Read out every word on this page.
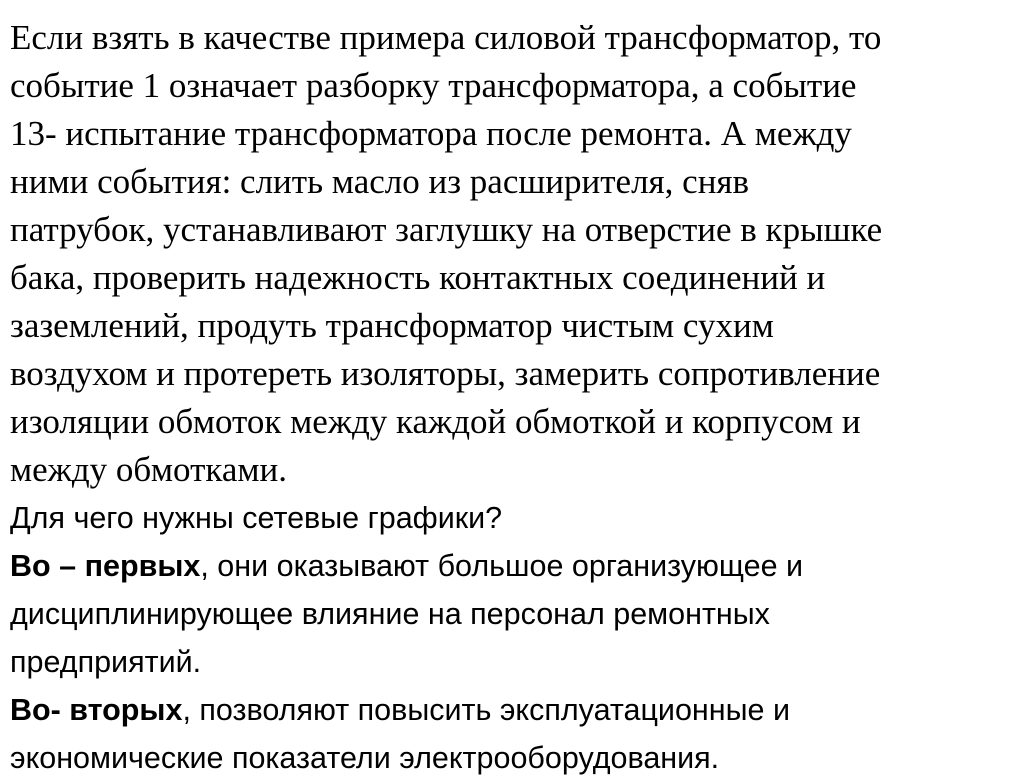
Если взять в качестве примера силовой трансформатор, то
событие 1 означает разборку трансформатора, а событие
13- испытание трансформатора после ремонта. А между
ними события: слить масло из расширителя, сняв
патрубок, устанавливают заглушку на отверстие в крышке
бака, проверить надежность контактных соединений и
заземлений, продуть трансформатор чистым сухим
воздухом и протереть изоляторы, замерить сопротивление
изоляции обмоток между каждой обмоткой и корпусом и
между обмотками.

Для чего нужны сетевые графики?

Во – первых, они оказывают большое организующее и
дисциплинирующее влияние на персонал ремонтных
предприятий.

Во- вторых, позволяют повысить эксплуатационные и
экономические показатели электрооборудования.
